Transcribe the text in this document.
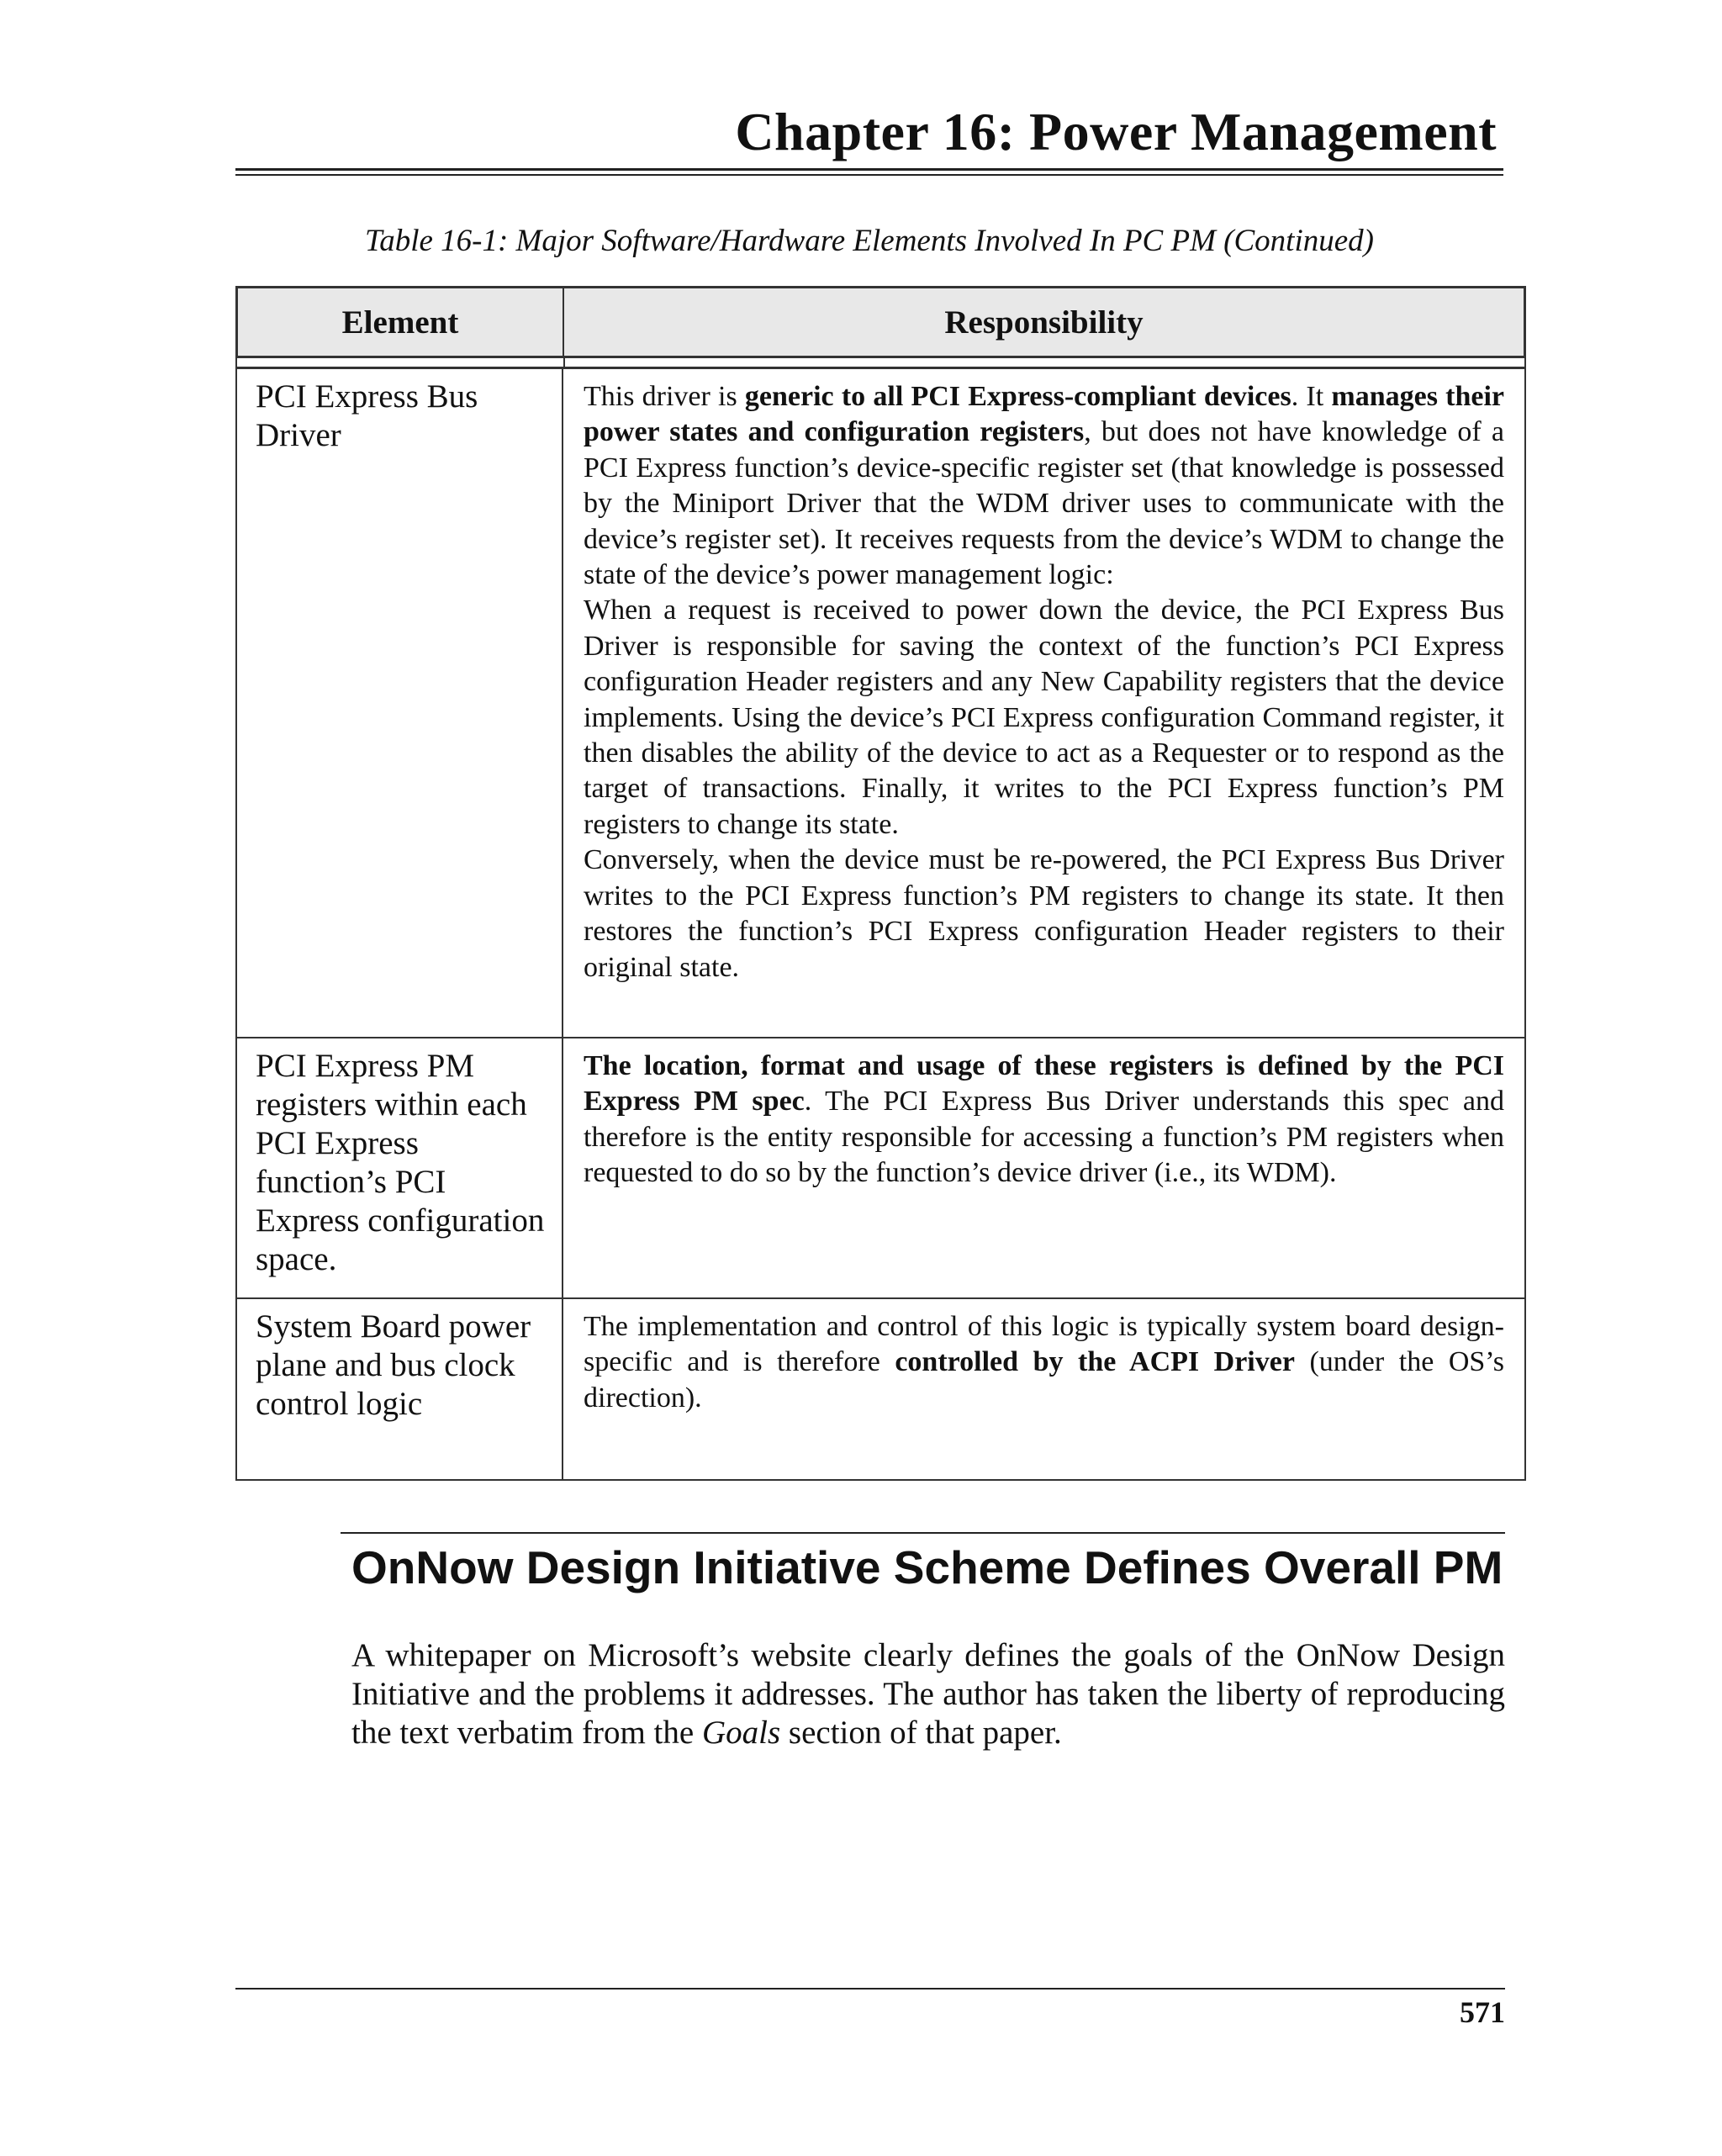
Chapter 16: Power Management
Table 16-1: Major Software/Hardware Elements Involved In PC PM (Continued)
Element	Responsibility
PCI Express Bus Driver

This driver is generic to all PCI Express-compliant devices. It manages their power states and configuration registers, but does not have knowledge of a PCI Express function’s device-specific register set (that knowledge is possessed by the Miniport Driver that the WDM driver uses to communicate with the device’s register set). It receives requests from the device’s WDM to change the state of the device’s power management logic:

When a request is received to power down the device, the PCI Express Bus Driver is responsible for saving the context of the function’s PCI Express configuration Header registers and any New Capability registers that the device implements. Using the device’s PCI Express configuration Command register, it then disables the ability of the device to act as a Requester or to respond as the target of transactions. Finally, it writes to the PCI Express function’s PM registers to change its state.

Conversely, when the device must be re-powered, the PCI Express Bus Driver writes to the PCI Express function’s PM registers to change its state. It then restores the function’s PCI Express configuration Header registers to their original state.

PCI Express PM registers within each PCI Express function’s PCI Express configuration space.

The location, format and usage of these registers is defined by the PCI Express PM spec. The PCI Express Bus Driver understands this spec and therefore is the entity responsible for accessing a function’s PM registers when requested to do so by the function’s device driver (i.e., its WDM).

System Board power plane and bus clock control logic

The implementation and control of this logic is typically system board design-specific and is therefore controlled by the ACPI Driver (under the OS’s direction).

OnNow Design Initiative Scheme Defines Overall PM

A whitepaper on Microsoft’s website clearly defines the goals of the OnNow Design Initiative and the problems it addresses. The author has taken the liberty of reproducing the text verbatim from the Goals section of that paper.

571
